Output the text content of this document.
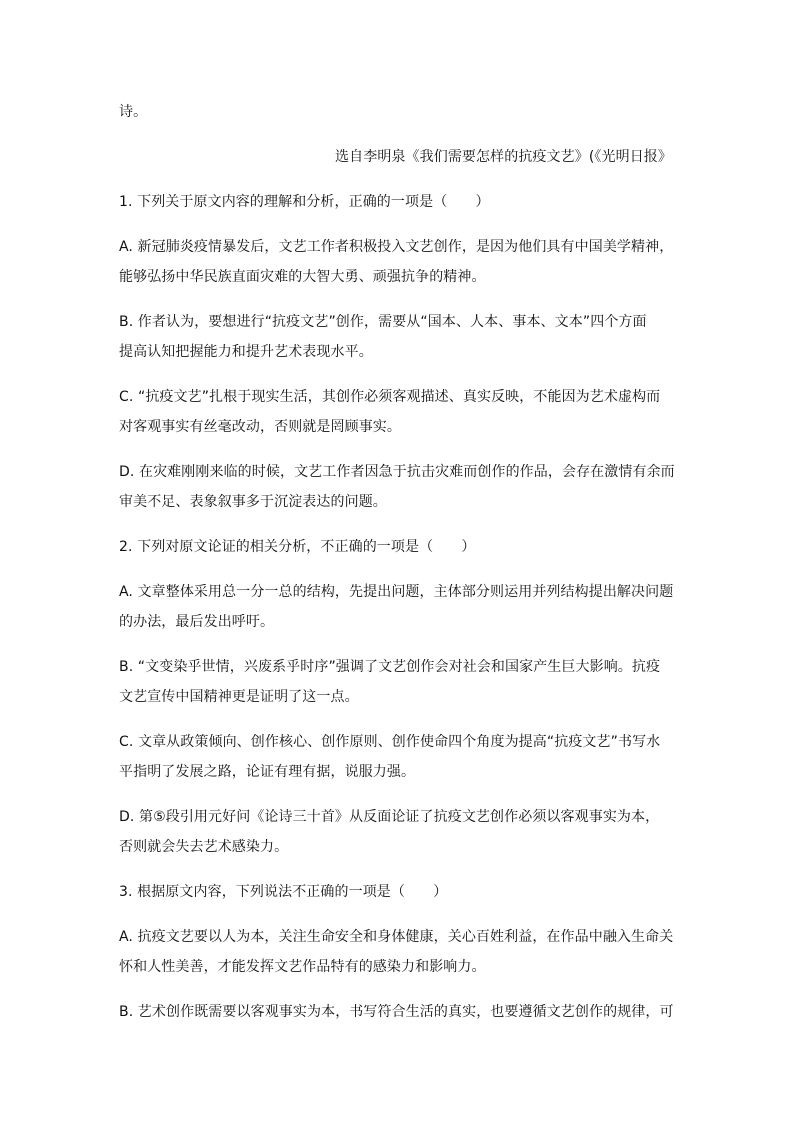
诗。
选自李明泉《我们需要怎样的抗疫文艺》(《光明日报》
1. 下列关于原文内容的理解和分析，正确的一项是（　　）
A. 新冠肺炎疫情暴发后，文艺工作者积极投入文艺创作，是因为他们具有中国美学精神，
能够弘扬中华民族直面灾难的大智大勇、顽强抗争的精神。
B. 作者认为，要想进行“抗疫文艺”创作，需要从“国本、人本、事本、文本”四个方面
提高认知把握能力和提升艺术表现水平。
C. “抗疫文艺”扎根于现实生活，其创作必须客观描述、真实反映，不能因为艺术虚构而
对客观事实有丝毫改动，否则就是罔顾事实。
D. 在灾难刚刚来临的时候，文艺工作者因急于抗击灾难而创作的作品，会存在激情有余而
审美不足、表象叙事多于沉淀表达的问题。
2. 下列对原文论证的相关分析，不正确的一项是（　　）
A. 文章整体采用总一分一总的结构，先提出问题，主体部分则运用并列结构提出解决问题
的办法，最后发出呼吁。
B. “文变染乎世情，兴废系乎时序”强调了文艺创作会对社会和国家产生巨大影响。抗疫
文艺宣传中国精神更是证明了这一点。
C. 文章从政策倾向、创作核心、创作原则、创作使命四个角度为提高“抗疫文艺”书写水
平指明了发展之路，论证有理有据，说服力强。
D. 第⑤段引用元好问《论诗三十首》从反面论证了抗疫文艺创作必须以客观事实为本，
否则就会失去艺术感染力。
3. 根据原文内容，下列说法不正确的一项是（　　）
A. 抗疫文艺要以人为本，关注生命安全和身体健康，关心百姓利益，在作品中融入生命关
怀和人性美善，才能发挥文艺作品特有的感染力和影响力。
B. 艺术创作既需要以客观事实为本，书写符合生活的真实，也要遵循文艺创作的规律，可
